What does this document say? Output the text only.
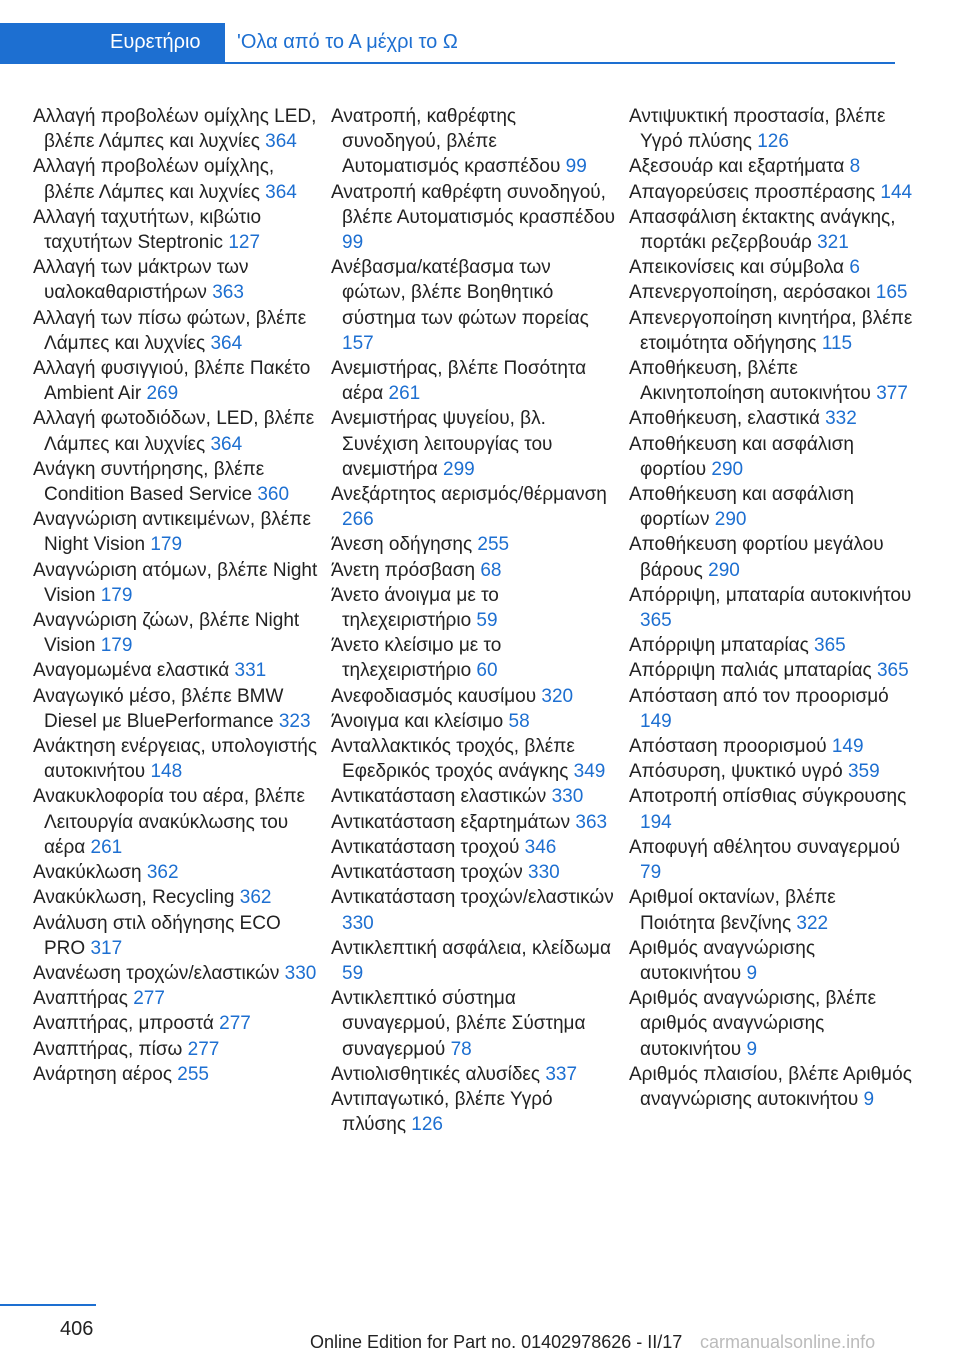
Ευρετήριο	'Ολα από το Α μέχρι το Ω

Αλλαγή προβολέων ομίχλης LED, βλέπε Λάμπες και λυχνίες 364

Αλλαγή προβολέων ομίχλης, βλέπε Λάμπες και λυχνίες 364

Αλλαγή ταχυτήτων, κιβώτιο ταχυτήτων Steptronic 127

Αλλαγή των μάκτρων των υαλοκαθαριστήρων 363

Αλλαγή των πίσω φώτων, βλέπε Λάμπες και λυχνίες 364

Αλλαγή φυσιγγιού, βλέπε Πακέτο Ambient Air 269

Αλλαγή φωτοδιόδων, LED, βλέπε Λάμπες και λυχνίες 364

Ανάγκη συντήρησης, βλέπε Condition Based Service 360

Αναγνώριση αντικειμένων, βλέπε Night Vision 179

Αναγνώριση ατόμων, βλέπε Night Vision 179

Αναγνώριση ζώων, βλέπε Night Vision 179

Αναγομωμένα ελαστικά 331

Αναγωγικό μέσο, βλέπε BMW Diesel με BluePerformance 323

Ανάκτηση ενέργειας, υπολογιστής αυτοκινήτου 148

Ανακυκλοφορία του αέρα, βλέπε Λειτουργία ανακύκλωσης του αέρα 261

Ανακύκλωση 362

Ανακύκλωση, Recycling 362

Ανάλυση στιλ οδήγησης ECO PRO 317

Ανανέωση τροχών/ελαστικών 330

Αναπτήρας 277

Αναπτήρας, μπροστά 277

Αναπτήρας, πίσω 277

Ανάρτηση αέρος 255

Ανατροπή, καθρέφτης συνοδηγού, βλέπε Αυτοματισμός κρασπέδου 99

Ανατροπή καθρέφτη συνοδηγού, βλέπε Αυτοματισμός κρασπέδου 99

Ανέβασμα/κατέβασμα των φώτων, βλέπε Βοηθητικό σύστημα των φώτων πορείας 157

Ανεμιστήρας, βλέπε Ποσότητα αέρα 261

Ανεμιστήρας ψυγείου, βλ. Συνέχιση λειτουργίας του ανεμιστήρα 299

Ανεξάρτητος αερισμός/θέρμανση 266

Άνεση οδήγησης 255

Άνετη πρόσβαση 68

Άνετο άνοιγμα με το τηλεχειριστήριο 59

Άνετο κλείσιμο με το τηλεχειριστήριο 60

Ανεφοδιασμός καυσίμου 320

Άνοιγμα και κλείσιμο 58

Ανταλλακτικός τροχός, βλέπε Εφεδρικός τροχός ανάγκης 349

Αντικατάσταση ελαστικών 330

Αντικατάσταση εξαρτημάτων 363

Αντικατάσταση τροχού 346

Αντικατάσταση τροχών 330

Αντικατάσταση τροχών/ελαστικών 330

Αντικλεπτική ασφάλεια, κλείδωμα 59

Αντικλεπτικό σύστημα συναγερμού, βλέπε Σύστημα συναγερμού 78

Αντιολισθητικές αλυσίδες 337

Αντιπαγωτικό, βλέπε Υγρό πλύσης 126

Αντιψυκτική προστασία, βλέπε Υγρό πλύσης 126

Αξεσουάρ και εξαρτήματα 8

Απαγορεύσεις προσπέρασης 144

Απασφάλιση έκτακτης ανάγκης, πορτάκι ρεζερβουάρ 321

Απεικονίσεις και σύμβολα 6

Απενεργοποίηση, αερόσακοι 165

Απενεργοποίηση κινητήρα, βλέπε ετοιμότητα οδήγησης 115

Αποθήκευση, βλέπε Ακινητοποίηση αυτοκινήτου 377

Αποθήκευση, ελαστικά 332

Αποθήκευση και ασφάλιση φορτίου 290

Αποθήκευση και ασφάλιση φορτίων 290

Αποθήκευση φορτίου μεγάλου βάρους 290

Απόρριψη, μπαταρία αυτοκινήτου 365

Απόρριψη μπαταρίας 365

Απόρριψη παλιάς μπαταρίας 365

Απόσταση από τον προορισμό 149

Απόσταση προορισμού 149

Απόσυρση, ψυκτικό υγρό 359

Αποτροπή οπίσθιας σύγκρουσης 194

Αποφυγή αθέλητου συναγερμού 79

Αριθμοί οκτανίων, βλέπε Ποιότητα βενζίνης 322

Αριθμός αναγνώρισης αυτοκινήτου 9

Αριθμός αναγνώρισης, βλέπε αριθμός αναγνώρισης αυτοκινήτου 9

Αριθμός πλαισίου, βλέπε Αριθμός αναγνώρισης αυτοκινήτου 9

406
Online Edition for Part no. 01402978626 - II/17 carmanualsonline.info
